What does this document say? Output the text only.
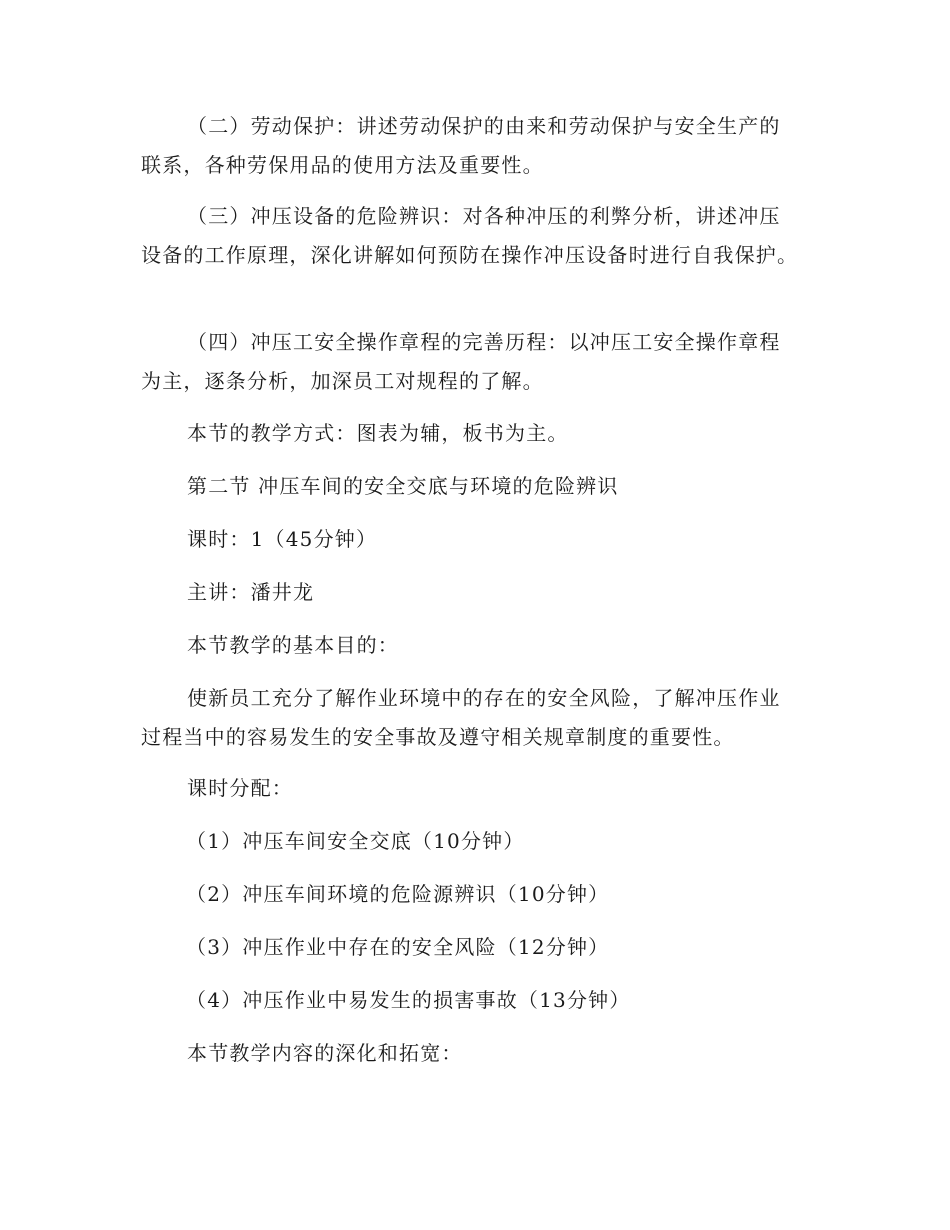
（二）劳动保护：讲述劳动保护的由来和劳动保护与安全生产的联系，各种劳保用品的使用方法及重要性。

（三）冲压设备的危险辨识：对各种冲压的利弊分析，讲述冲压设备的工作原理，深化讲解如何预防在操作冲压设备时进行自我保护。

（四）冲压工安全操作章程的完善历程：以冲压工安全操作章程为主，逐条分析，加深员工对规程的了解。

本节的教学方式：图表为辅，板书为主。

第二节 冲压车间的安全交底与环境的危险辨识

课时：1（45分钟）

主讲：潘井龙

本节教学的基本目的：

使新员工充分了解作业环境中的存在的安全风险，了解冲压作业过程当中的容易发生的安全事故及遵守相关规章制度的重要性。

课时分配：

（1）冲压车间安全交底（10分钟）

（2）冲压车间环境的危险源辨识（10分钟）

（3）冲压作业中存在的安全风险（12分钟）

（4）冲压作业中易发生的损害事故（13分钟）

本节教学内容的深化和拓宽：
